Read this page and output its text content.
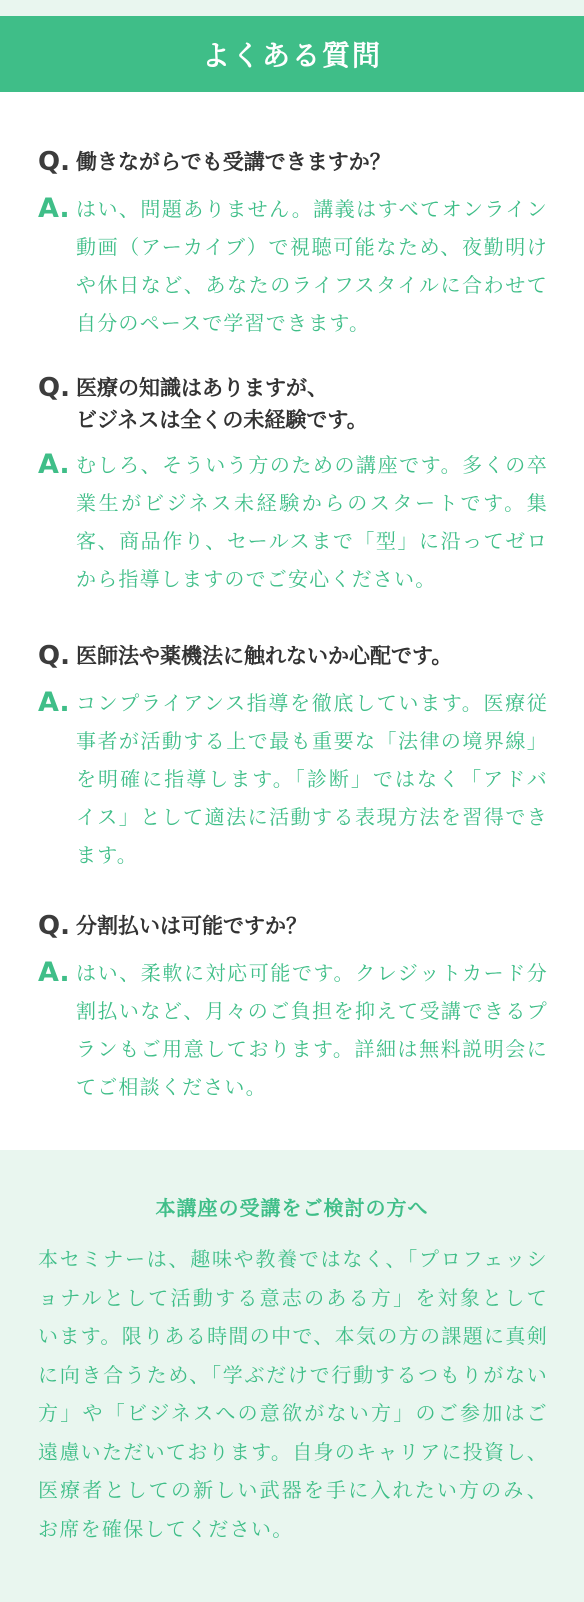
よくある質問
Q. 働きながらでも受講できますか？
A. はい、問題ありません。講義はすべてオンライン動画（アーカイブ）で視聴可能なため、夜勤明けや休日など、あなたのライフスタイルに合わせて自分のペースで学習できます。
Q. 医療の知識はありますが、
ビジネスは全くの未経験です。
A. むしろ、そういう方のための講座です。多くの卒業生がビジネス未経験からのスタートです。集客、商品作り、セールスまで「型」に沿ってゼロから指導しますのでご安心ください。
Q. 医師法や薬機法に触れないか心配です。
A. コンプライアンス指導を徹底しています。医療従事者が活動する上で最も重要な「法律の境界線」を明確に指導します。「診断」ではなく「アドバイス」として適法に活動する表現方法を習得できます。
Q. 分割払いは可能ですか？
A. はい、柔軟に対応可能です。クレジットカード分割払いなど、月々のご負担を抑えて受講できるプランもご用意しております。詳細は無料説明会にてご相談ください。
本講座の受講をご検討の方へ
本セミナーは、趣味や教養ではなく、「プロフェッショナルとして活動する意志のある方」を対象としています。限りある時間の中で、本気の方の課題に真剣に向き合うため、「学ぶだけで行動するつもりがない方」や「ビジネスへの意欲がない方」のご参加はご遠慮いただいております。自身のキャリアに投資し、医療者としての新しい武器を手に入れたい方のみ、お席を確保してください。
